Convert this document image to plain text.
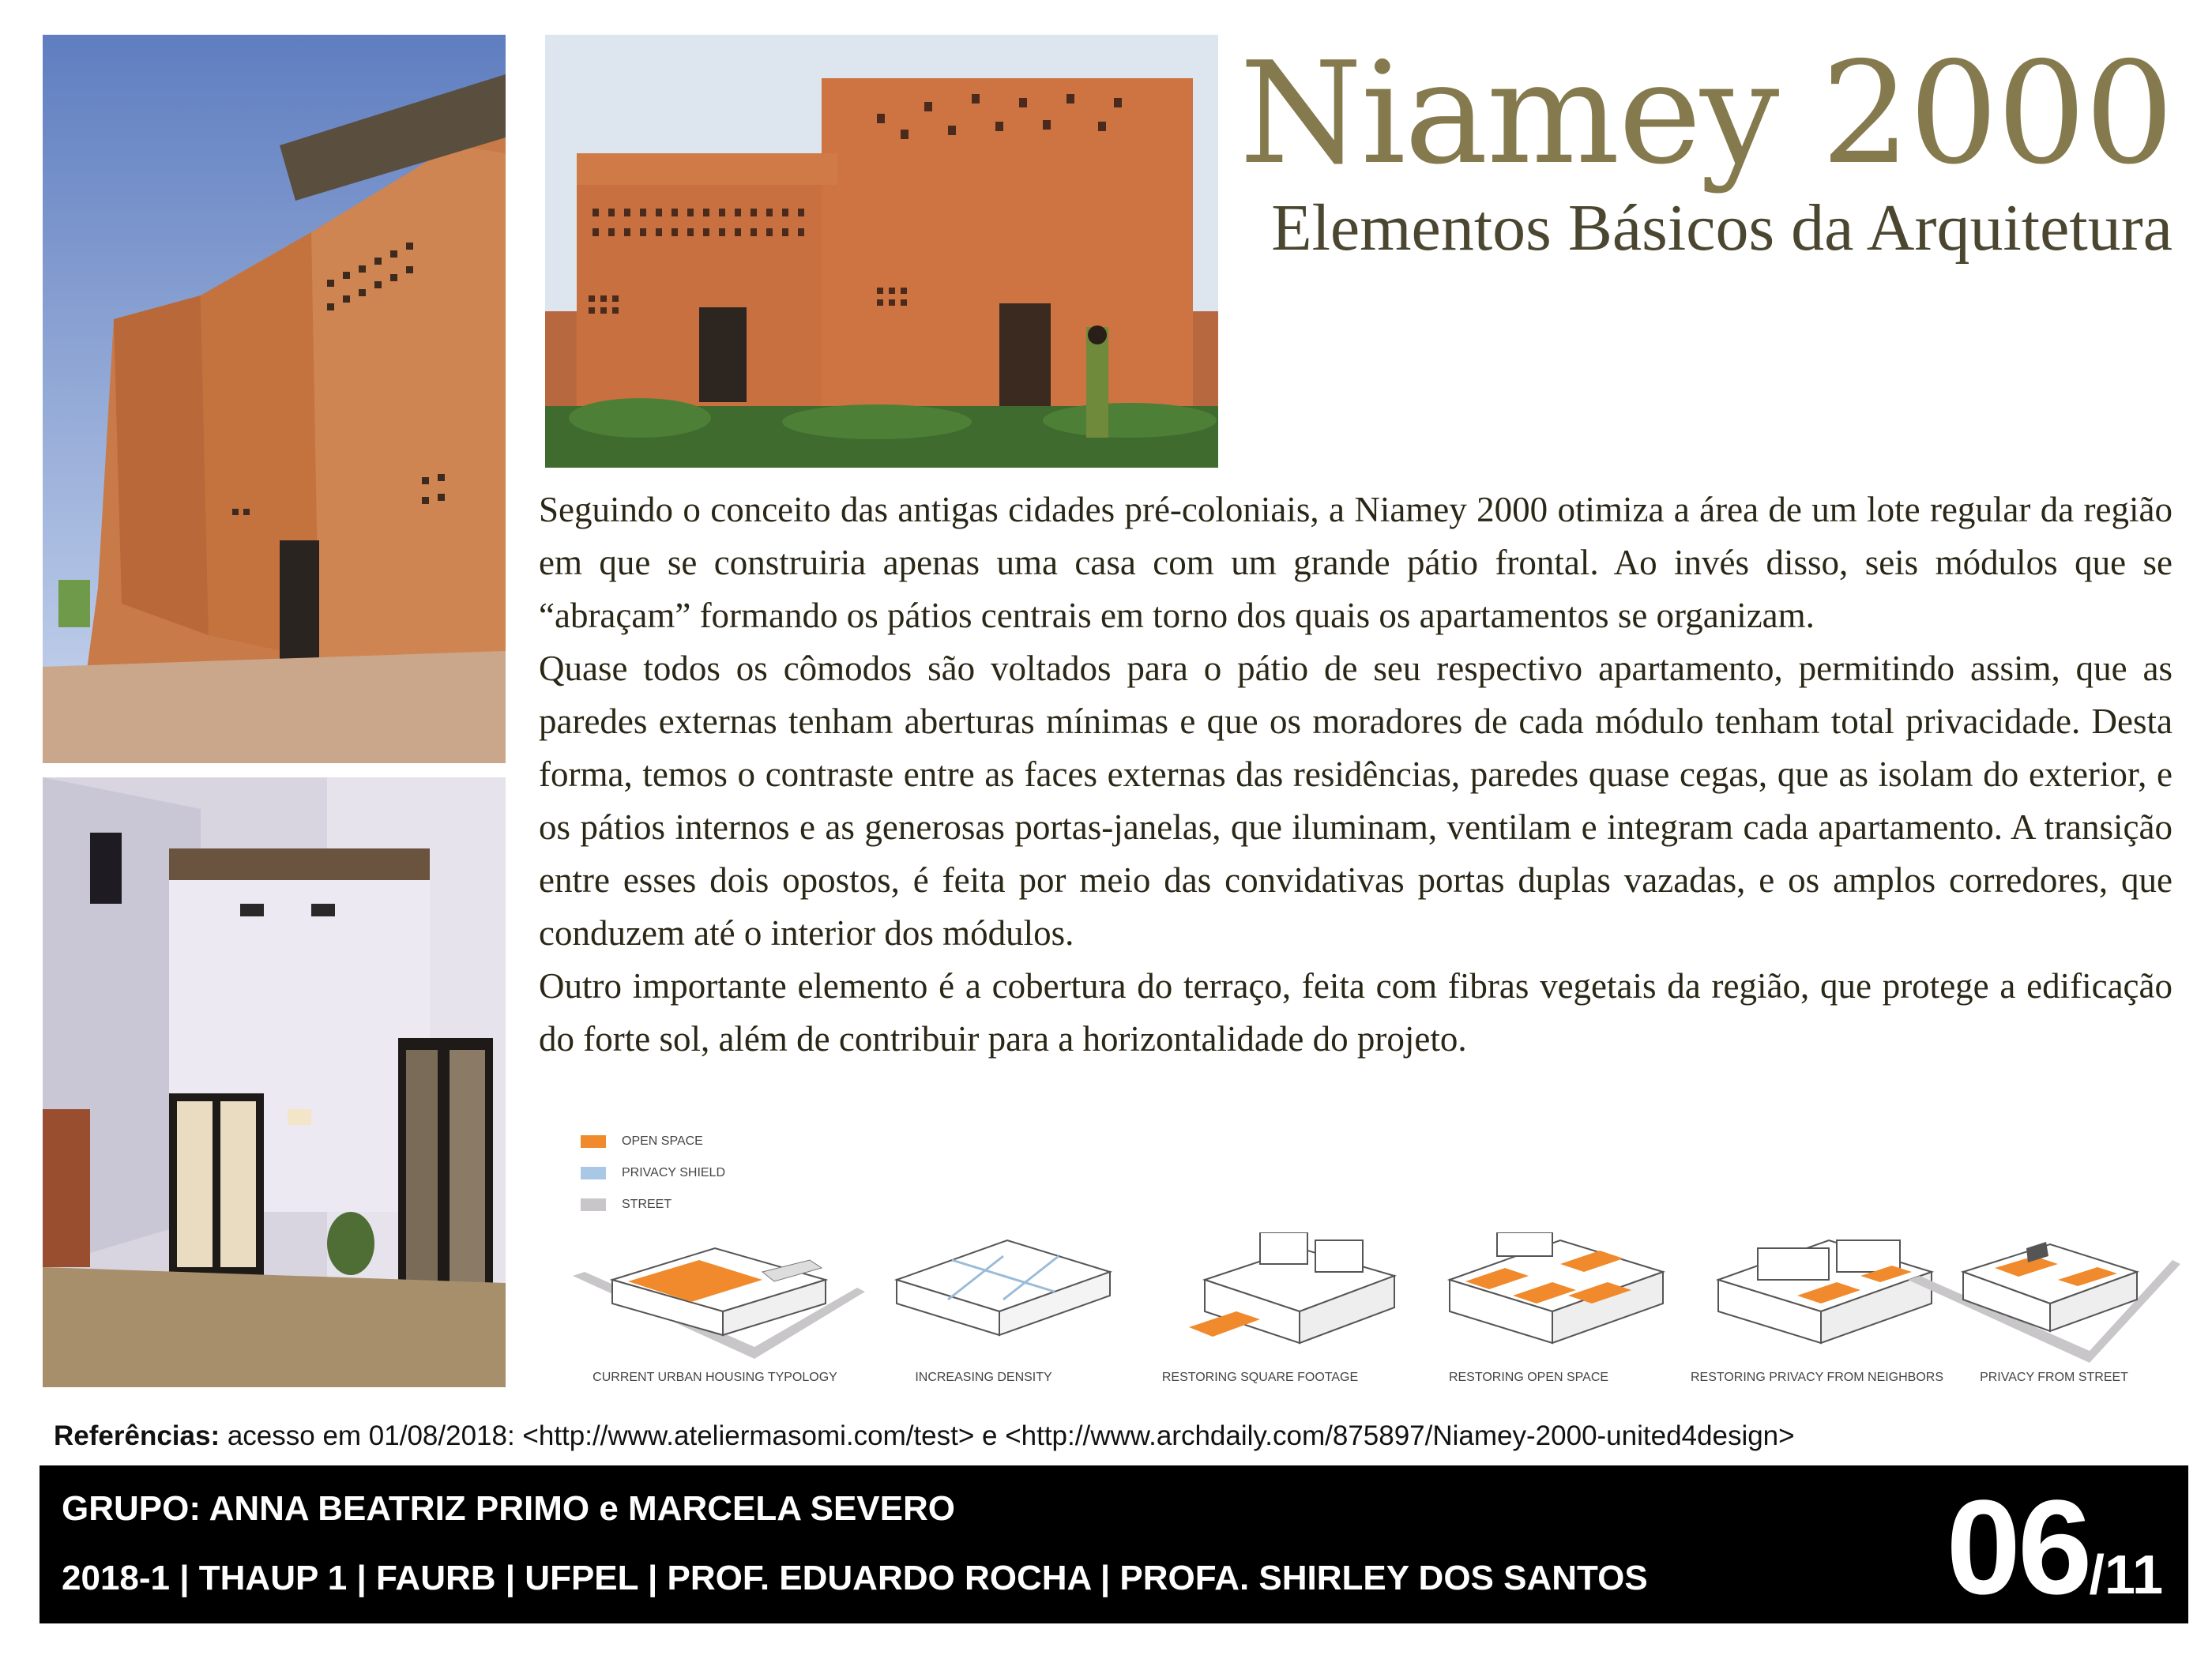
Niamey 2000
Elementos Básicos da Arquitetura

Seguindo o conceito das antigas cidades pré-coloniais, a Niamey 2000 otimiza a área de um lote regular da região em que se construiria apenas uma casa com um grande pátio frontal. Ao invés disso, seis módulos que se “abraçam” formando os pátios centrais em torno dos quais os apartamentos se organizam.

Quase todos os cômodos são voltados para o pátio de seu respectivo apartamento, permitindo assim, que as paredes externas tenham aberturas mínimas e que os moradores de cada módulo tenham total privacidade. Desta forma, temos o contraste entre as faces externas das residências, paredes quase cegas, que as isolam do exterior, e os pátios internos e as generosas portas-janelas, que iluminam, ventilam e integram cada apartamento. A transição entre esses dois opostos, é feita por meio das convidativas portas duplas vazadas, e os amplos corredores, que conduzem até o interior dos módulos.

Outro importante elemento é a cobertura do terraço, feita com fibras vegetais da região, que protege a edificação do forte sol, além de contribuir para a horizontalidade do projeto.

OPEN SPACE
PRIVACY SHIELD
STREET
CURRENT URBAN HOUSING TYPOLOGY	INCREASING DENSITY	RESTORING SQUARE FOOTAGE	RESTORING OPEN SPACE	RESTORING PRIVACY FROM NEIGHBORS	PRIVACY FROM STREET
Referências: acesso em 01/08/2018: <http://www.ateliermasomi.com/test> e <http://www.archdaily.com/875897/Niamey-2000-united4design>
GRUPO: ANNA BEATRIZ PRIMO e MARCELA SEVERO
2018-1 | THAUP 1 | FAURB | UFPEL | PROF. EDUARDO ROCHA | PROFA. SHIRLEY DOS SANTOS 06/11
